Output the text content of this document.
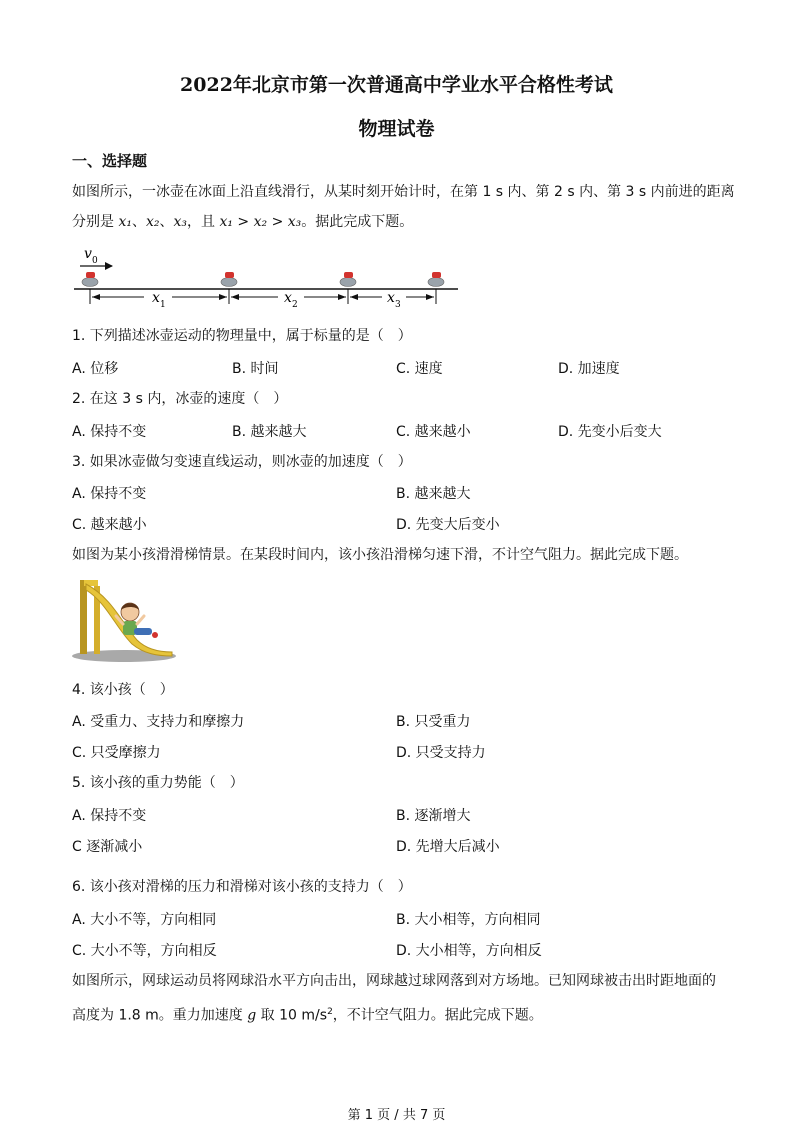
2022年北京市第一次普通高中学业水平合格性考试
物理试卷
一、选择题
如图所示，一冰壶在冰面上沿直线滑行，从某时刻开始计时，在第 1 s 内、第 2 s 内、第 3 s 内前进的距离
分别是 x₁、x₂、x₃，且 x₁ > x₂ > x₃。据此完成下题。
v 0
x 1	x 2	x 3
1. 下列描述冰壶运动的物理量中，属于标量的是（　）
A. 位移	B. 时间	C. 速度	D. 加速度
2. 在这 3 s 内，冰壶的速度（　）
A. 保持不变	B. 越来越大	C. 越来越小	D. 先变小后变大
3. 如果冰壶做匀变速直线运动，则冰壶的加速度（　）
A. 保持不变	B. 越来越大
C. 越来越小	D. 先变大后变小
如图为某小孩滑滑梯情景。在某段时间内，该小孩沿滑梯匀速下滑，不计空气阻力。据此完成下题。
4. 该小孩（　）
A. 受重力、支持力和摩擦力	B. 只受重力
C. 只受摩擦力	D. 只受支持力
5. 该小孩的重力势能（　）
A. 保持不变	B. 逐渐增大
C 逐渐减小	D. 先增大后减小
6. 该小孩对滑梯的压力和滑梯对该小孩的支持力（　）
A. 大小不等，方向相同	B. 大小相等，方向相同
C. 大小不等，方向相反	D. 大小相等，方向相反
如图所示，网球运动员将网球沿水平方向击出，网球越过球网落到对方场地。已知网球被击出时距地面的
高度为 1.8 m。重力加速度 g 取 10 $m/s^2$，不计空气阻力。据此完成下题。
第 1 页 / 共 7 页
